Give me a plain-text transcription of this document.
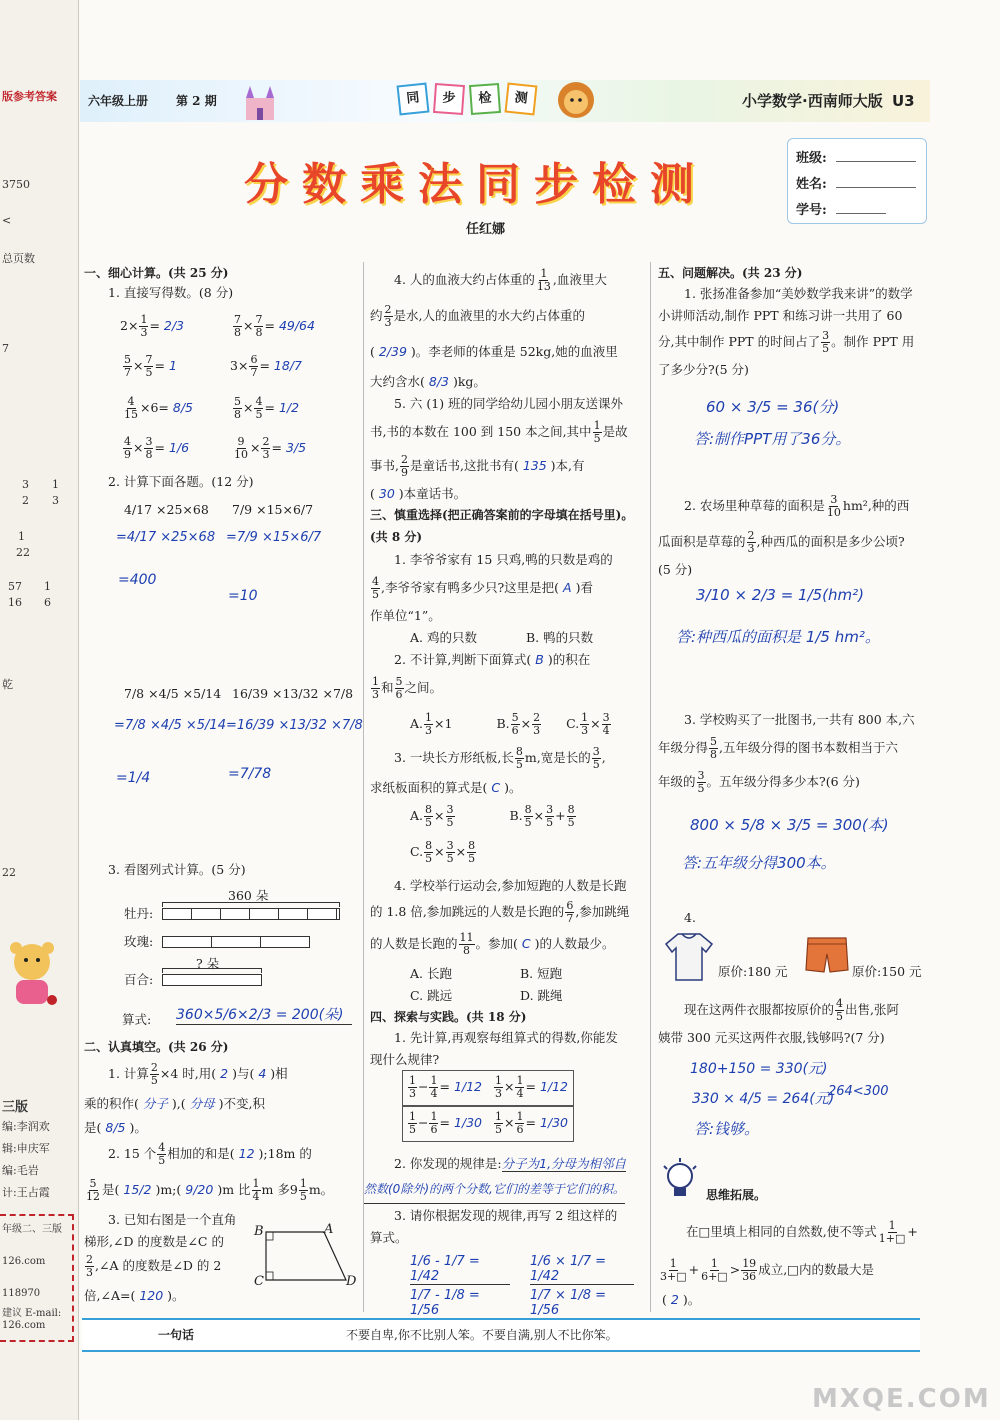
版参考答案
3750
<
总页数
7
3
2
1
3
1
22
57
16
1
6
乾
22
三版
编:李润欢
辑:申庆军
编:毛岩
计:王占霞
年级二、三版
126.com
118970
建议 E-mail:
126.com
六年级上册 第 2 期	同	步	检	测	小学数学·西南师大版 U3
分数乘法同步检测
任红娜
班级:
姓名:
学号:
一、细心计算。(共 25 分)
1. 直接写得数。(8 分)
$2\times \frac{1}{3} = 2/3$	$\frac{7}{8} \times \frac{7}{8} = 49/64$
$\frac{5}{7} \times \frac{7}{5} = 1$	$3\times \frac{6}{7} = 18/7$
$\frac{4}{15} \times 6= 8/5$	$\frac{5}{8} \times \frac{4}{5} = 1/2$
$\frac{4}{9} \times \frac{3}{8} = 1/6$	$\frac{9}{10} \times \frac{2}{3} = 3/5$
2. 计算下面各题。(12 分)
4/17 ×25×68 7/9 ×15×6/7
=4/17 ×25×68 =7/9 ×15×6/7
=400
=10
7/8 ×4/5 ×5/14 16/39 ×13/32 ×7/8
=7/8 ×4/5 ×5/14 =16/39 ×13/32 ×7/8
=1/4	=7/78
3. 看图列式计算。(5 分)
360 朵
牡丹:
玫瑰:
? 朵
百合:
算式: 360×5/6×2/3 = 200(朵)
二、认真填空。(共 26 分)
1. 计算 $\frac{2}{5} \times 4$ 时,用( 2 )与( 4 )相
乘的积作( 分子 ),( 分母 )不变,积
是( 8/5 )。
2. 15 个 $\frac{4}{5}$ 相加的和是( 12 );18m 的
$\frac{5}{12}$ 是( 15/2 )m;( 9/20 )m 比 $\frac{1}{4}$ m 多$9 \frac{1}{5}$ m。
3. 已知右图是一个直角
梯形,∠D 的度数是∠C 的
$\frac{2}{3}$ ,∠A 的度数是∠D 的 2
倍,∠A=( 120 )。
B	A
C	D
4. 人的血液大约占体重的 $\frac{1}{13}$ ,血液里大
约 $\frac{2}{3}$ 是水,人的血液里的水大约占体重的
( 2/39 )。李老师的体重是 52kg,她的血液里
大约含水( 8/3 )kg。
5. 六 (1) 班的同学给幼儿园小朋友送课外
书,书的本数在 100 到 150 本之间,其中 $\frac{1}{5}$ 是故
事书, $\frac{2}{9}$ 是童话书,这批书有( 135 )本,有
( 30 )本童话书。
三、慎重选择(把正确答案前的字母填在括号里)。(共 8 分)
1. 李爷爷家有 15 只鸡,鸭的只数是鸡的
$\frac{4}{5}$ ,李爷爷家有鸭多少只?这里是把( A )看
作单位“1”。
A. 鸡的只数	B. 鸭的只数
2. 不计算,判断下面算式( B )的积在
$\frac{1}{3}$ 和 $\frac{5}{6}$ 之间。
A. $\frac{1}{3} \times 1$	B. $\frac{5}{6} \times \frac{2}{3} C$. $\frac{1}{3} \times \frac{3}{4}$
3. 一块长方形纸板,长 $\frac{8}{5} m$,宽是长的 $\frac{3}{5}$ ,
求纸板面积的算式是( C )。
A. $\frac{8}{5} \times \frac{3}{5}$	B. $\frac{8}{5} \times \frac{3}{5} + \frac{8}{5}$
C. $\frac{8}{5} \times \frac{3}{5} \times \frac{8}{5}$
4. 学校举行运动会,参加短跑的人数是长跑
的 1.8 倍,参加跳远的人数是长跑的 $\frac{6}{7}$ ,参加跳绳
的人数是长跑的 $\frac{11}{8}$ 。参加( C )的人数最少。
A. 长跑	B. 短跑
C. 跳远	D. 跳绳
四、探索与实践。(共 18 分)
1. 先计算,再观察每组算式的得数,你能发
现什么规律?
$\frac{1}{3} - \frac{1}{4} = 1/12 \frac{1}{3} \times \frac{1}{4} = 1/12$
$\frac{1}{5} - \frac{1}{6} = 1/30 \frac{1}{5} \times \frac{1}{6} = 1/30$
2. 你发现的规律是:分子为1,分母为相邻自
然数(0除外)的两个分数,它们的差等于它们的积。
3. 请你根据发现的规律,再写 2 组这样的
算式。
1/6 - 1/7 = 1/42
1/6 × 1/7 = 1/42
1/7 - 1/8 = 1/56
1/7 × 1/8 = 1/56
五、问题解决。(共 23 分)
1. 张扬准备参加“美妙数学我来讲”的数学
小讲师活动,制作 PPT 和练习讲一共用了 60
分,其中制作 PPT 的时间占了 $\frac{3}{5}$ 。制作 PPT 用
了多少分?(5 分)
60 × 3/5 = 36(分)
答:制作PPT用了36分。
2. 农场里种草莓的面积是 $\frac{3}{10} hm^2$,种的西
瓜面积是草莓的 $\frac{2}{3}$ ,种西瓜的面积是多少公顷?
(5 分)
3/10 × 2/3 = 1/5(hm²)
答:种西瓜的面积是 1/5 hm²。
3. 学校购买了一批图书,一共有 800 本,六
年级分得 $\frac{5}{8}$ ,五年级分得的图书本数相当于六
年级的 $\frac{3}{5}$ 。五年级分得多少本?(6 分)
800 × 5/8 × 3/5 = 300(本)
答:五年级分得300本。
4.
原价:180 元	原价:150 元
现在这两件衣服都按原价的 $\frac{4}{5}$ 出售,张阿
姨带 300 元买这两件衣服,钱够吗?(7 分)
180+150 = 330(元)
330 × 4/5 = 264(元)
264<300
答:钱够。
思维拓展。
在□里填上相同的自然数,使不等式 $\frac{1}{1+□}$ +
$\frac{1}{3+□} + \frac{1}{6+□} > \frac{19}{36}$ 成立,□内的数最大是
( 2 )。
一句话	不要自卑,你不比别人笨。不要自满,别人不比你笨。
MXQE.COM
